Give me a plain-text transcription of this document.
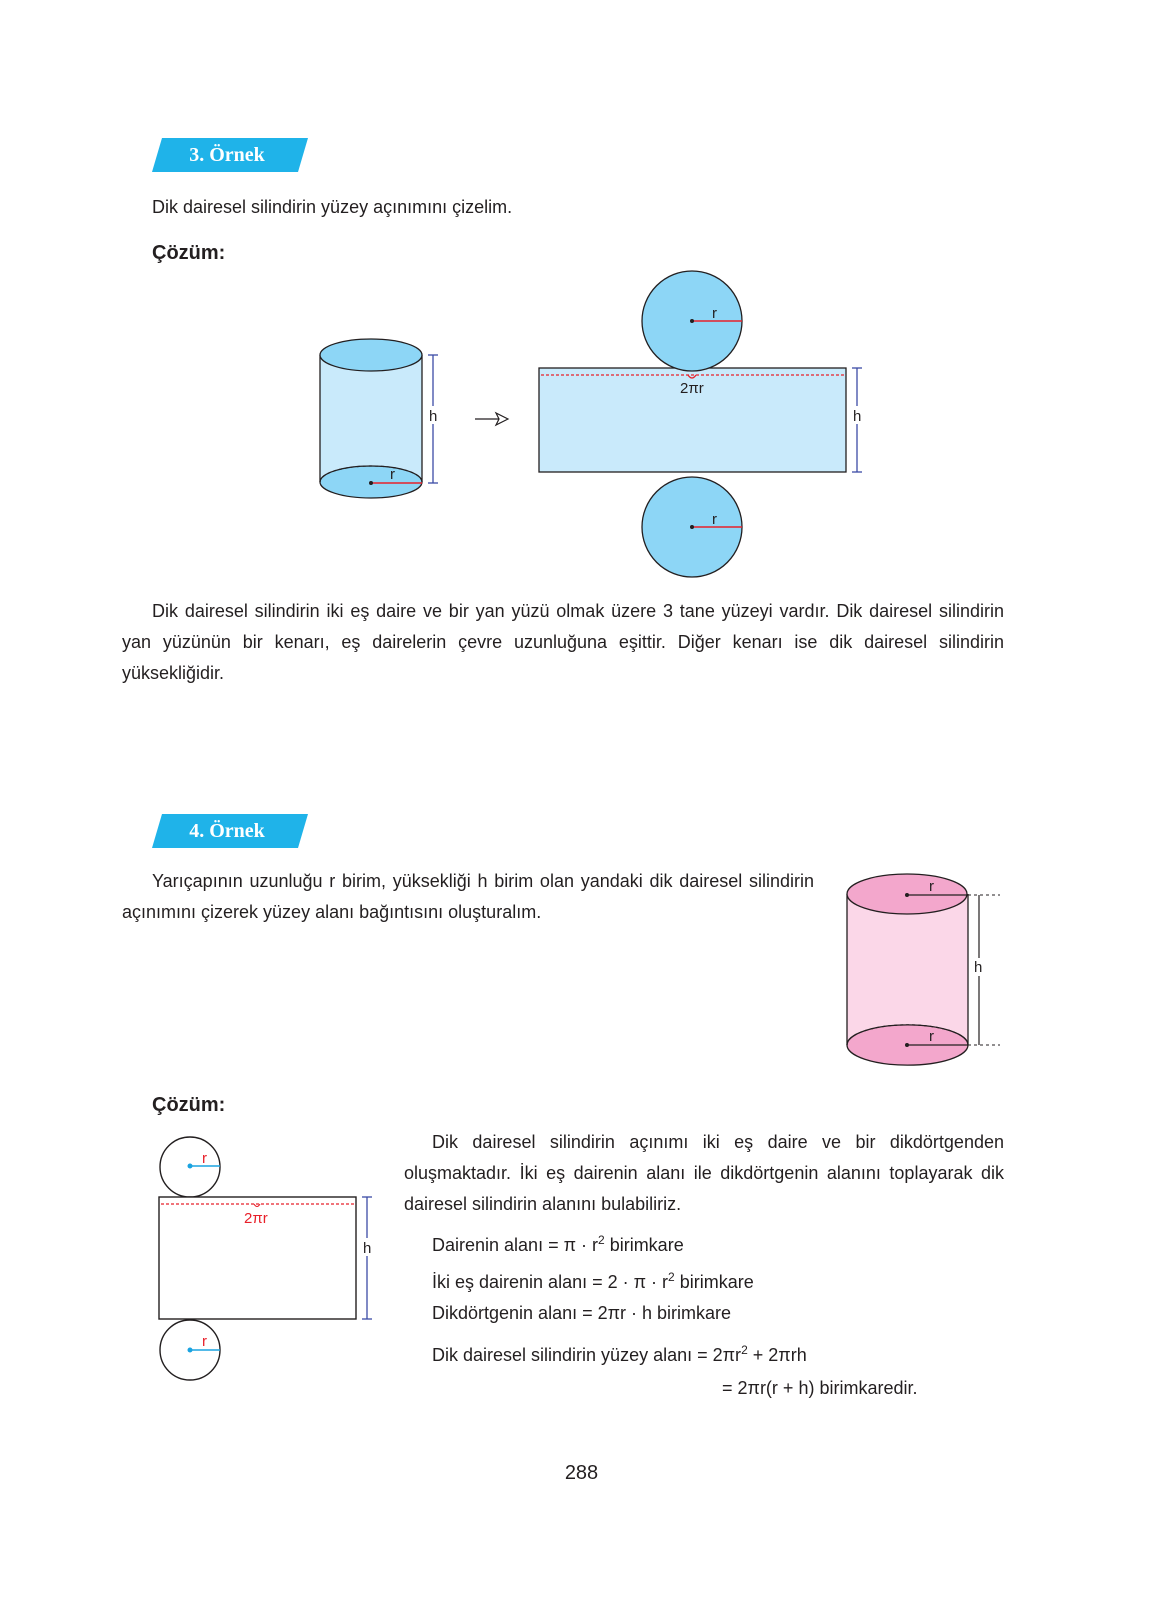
3. Örnek
Dik dairesel silindirin yüzey açınımını çizelim.
Çözüm:
h
r
r
r
2πr
h
Dik dairesel silindirin iki eş daire ve bir yan yüzü olmak üzere 3 tane yüzeyi vardır. Dik dairesel silindirin yan yüzünün bir kenarı, eş dairelerin çevre uzunluğuna eşittir. Diğer kenarı ise dik dairesel silindirin yüksekliğidir.
4. Örnek
Yarıçapının uzunluğu r birim, yüksekliği h birim olan yandaki dik dairesel silindirin açınımını çizerek yüzey alanı bağıntısını oluşturalım.
r
r
h
Çözüm:
r
2πr
r
h
Dik dairesel silindirin açınımı iki eş daire ve bir dikdörtgenden oluşmaktadır. İki eş dairenin alanı ile dikdörtgenin alanını toplayarak dik dairesel silindirin alanını bulabiliriz.
Dairenin alanı = $\pi \cdot r^2$ birimkare
İki eş dairenin alanı = $2 \cdot \pi \cdot r^2$ birimkare
Dikdörtgenin alanı = 2πr · h birimkare
Dik dairesel silindirin yüzey alanı = $2\pi r^2 + 2\pi rh$
= 2πr(r + h) birimkaredir.
288
